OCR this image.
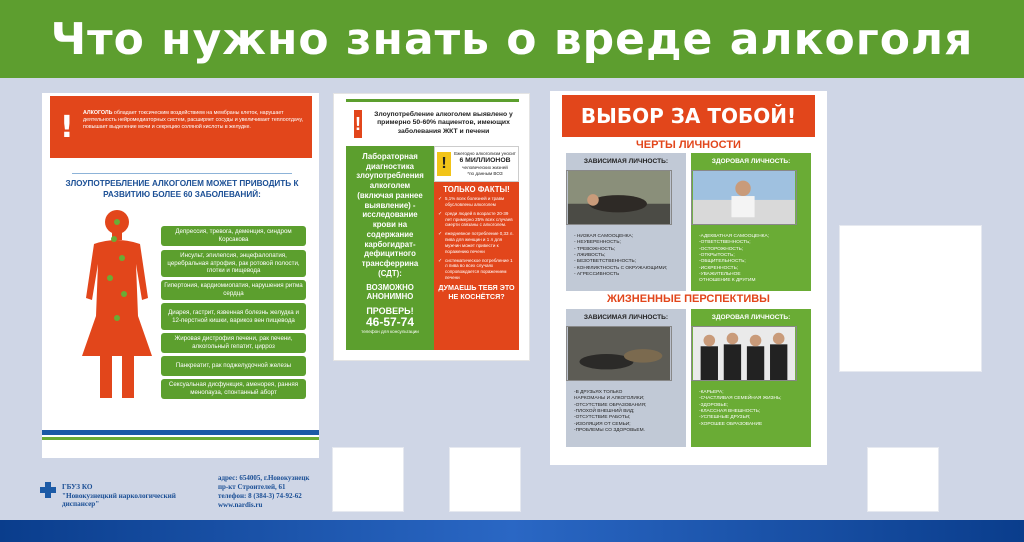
Что нужно знать о вреде алкоголя
! АЛКОГОЛЬ обладает токсическим воздействием на мембраны клеток, нарушает деятельность нейромедиаторных систем, расширяет сосуды и увеличивает теплоотдачу, повышает выделение мочи и секрецию соляной кислоты в желудке.
ЗЛОУПОТРЕБЛЕНИЕ АЛКОГОЛЕМ МОЖЕТ ПРИВОДИТЬ К РАЗВИТИЮ БОЛЕЕ 60 ЗАБОЛЕВАНИЙ:
Депрессия, тревога, деменция, синдром Корсакова
Инсульт, эпилепсия, энцефалопатия, церебральная атрофия, рак ротовой полости, глотки и пищевода
Гипертония, кардиомиопатия, нарушения ритма сердца
Диарея, гастрит, язвенная болезнь желудка и 12-перстной кишки, варикоз вен пищевода
Жировая дистрофия печени, рак печени, алкогольный гепатит, цирроз
Панкреатит, рак поджелудочной железы
Сексуальная дисфункция, аменорея, ранняя менопауза, спонтанный аборт
!	Злоупотребление алкоголем выявлено у примерно 50-60% пациентов, имеющих заболевания ЖКТ и печени
Лабораторная диагностика злоупотребления алкоголем (включая раннее выявление) - исследование крови на содержание карбогидрат-дефицитного трансферрина (СДТ):
ВОЗМОЖНО АНОНИМНО
ПРОВЕРЬ!
46-57-74
телефон для консультации
!
Ежегодно алкоголизм уносит
6 МИЛЛИОНОВ
человеческих жизней
*по данным ВОЗ
ТОЛЬКО ФАКТЫ!
✓ 5,1% всех болезней и травм обусловлены алкоголем
✓ среди людей в возрасте 20-39 лет примерно 25% всех случаев смерти связаны с алкоголем.
✓ ежедневное потребление 0,33 л. пива для женщин и 1 л для мужчин может привести к поражению печени
✓ систематическое потребление 1 л пива во всех случаях сопровождается поражением печени
ДУМАЕШЬ ТЕБЯ ЭТО НЕ КОСНЁТСЯ?
ВЫБОР ЗА ТОБОЙ!
ЧЕРТЫ ЛИЧНОСТИ
ЗАВИСИМАЯ ЛИЧНОСТЬ:
- НИЗКАЯ САМООЦЕНКА;
- НЕУВЕРЕННОСТЬ;
- ТРЕВОЖНОСТЬ;
- ЛЖИВОСТЬ;
- БЕЗОТВЕТСТВЕННОСТЬ;
- КОНФЛИКТНОСТЬ С ОКРУЖАЮЩИМИ;
- АГРЕССИВНОСТЬ
ЗДОРОВАЯ ЛИЧНОСТЬ:
-АДЕКВАТНАЯ САМООЦЕНКА;
-ОТВЕТСТВЕННОСТЬ;
-ОСТОРОЖНОСТЬ;
-ОТКРЫТОСТЬ;
-ОБЩИТЕЛЬНОСТЬ;
-ИСКРЕННОСТЬ;
-УВАЖИТЕЛЬНОЕ
ОТНОШЕНИЕ К ДРУГИМ
ЖИЗНЕННЫЕ ПЕРСПЕКТИВЫ
ЗАВИСИМАЯ ЛИЧНОСТЬ:
-В ДРУЗЬЯХ ТОЛЬКО
НАРКОМАНЫ И АЛКОГОЛИКИ;
-ОТСУТСТВИЕ ОБРАЗОВАНИЯ;
-ПЛОХОЙ ВНЕШНИЙ ВИД;
-ОТСУТСТВИЕ РАБОТЫ;
-ИЗОЛЯЦИЯ ОТ СЕМЬИ;
-ПРОБЛЕМЫ СО ЗДОРОВЬЕМ.
ЗДОРОВАЯ ЛИЧНОСТЬ:
-КАРЬЕРА;
-СЧАСТЛИВАЯ СЕМЕЙНАЯ ЖИЗНЬ;
-ЗДОРОВЬЕ;
-КЛАССНАЯ ВНЕШНОСТЬ;
-УСПЕШНЫЕ ДРУЗЬЯ;
-ХОРОШЕЕ ОБРАЗОВАНИЕ
ГБУЗ КО
"Новокузнецкий наркологический диспансер"
адрес: 654005, г.Новокузнецк
пр-кт Строителей, 61
телефон: 8 (384-3) 74-92-62
www.nardis.ru
